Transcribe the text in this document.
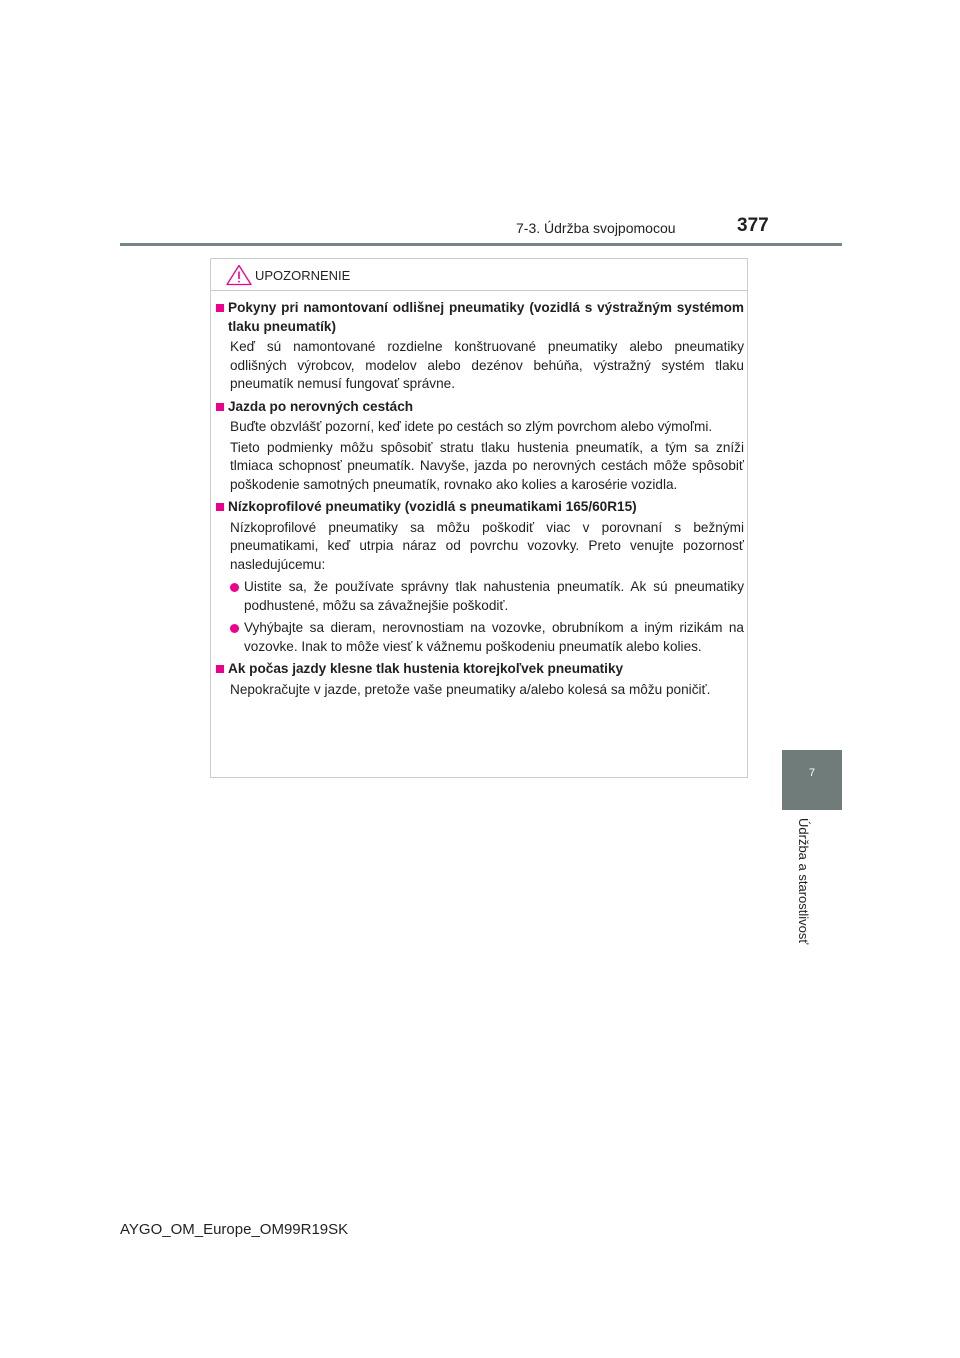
7-3. Údržba svojpomocou	377
7
Údržba a starostlivosť
UPOZORNENIE
Pokyny pri namontovaní odlišnej pneumatiky (vozidlá s výstražným systémom tlaku pneumatík)

Keď sú namontované rozdielne konštruované pneumatiky alebo pneumatiky odlišných výrobcov, modelov alebo dezénov behúňa, výstražný systém tlaku pneumatík nemusí fungovať správne.

Jazda po nerovných cestách

Buďte obzvlášť pozorní, keď idete po cestách so zlým povrchom alebo výmoľmi.

Tieto podmienky môžu spôsobiť stratu tlaku hustenia pneumatík, a tým sa zníži tlmiaca schopnosť pneumatík. Navyše, jazda po nerovných cestách môže spôsobiť poškodenie samotných pneumatík, rovnako ako kolies a karosérie vozidla.

Nízkoprofilové pneumatiky (vozidlá s pneumatikami 165/60R15)

Nízkoprofilové pneumatiky sa môžu poškodiť viac v porovnaní s bežnými pneumatikami, keď utrpia náraz od povrchu vozovky. Preto venujte pozornosť nasledujúcemu:

Uistite sa, že používate správny tlak nahustenia pneumatík. Ak sú pneumatiky podhustené, môžu sa závažnejšie poškodiť.
Vyhýbajte sa dieram, nerovnostiam na vozovke, obrubníkom a iným rizikám na vozovke. Inak to môže viesť k vážnemu poškodeniu pneumatík alebo kolies.
Ak počas jazdy klesne tlak hustenia ktorejkoľvek pneumatiky

Nepokračujte v jazde, pretože vaše pneumatiky a/alebo kolesá sa môžu poničiť.

AYGO_OM_Europe_OM99R19SK
